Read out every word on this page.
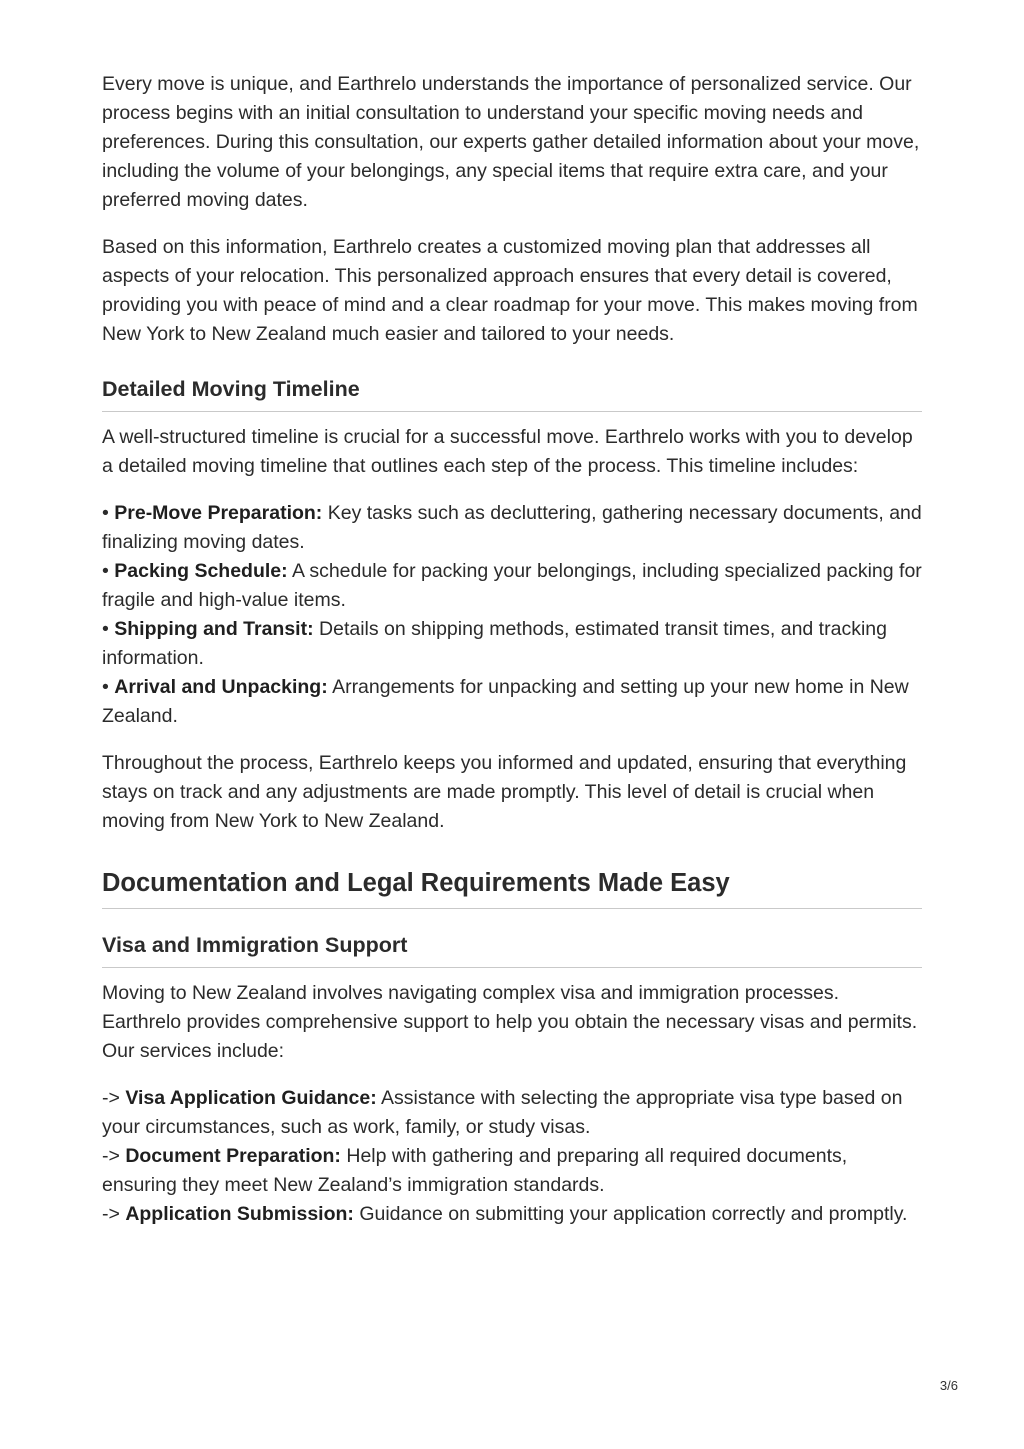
Every move is unique, and Earthrelo understands the importance of personalized service. Our process begins with an initial consultation to understand your specific moving needs and preferences. During this consultation, our experts gather detailed information about your move, including the volume of your belongings, any special items that require extra care, and your preferred moving dates.

Based on this information, Earthrelo creates a customized moving plan that addresses all aspects of your relocation. This personalized approach ensures that every detail is covered, providing you with peace of mind and a clear roadmap for your move. This makes moving from New York to New Zealand much easier and tailored to your needs.

Detailed Moving Timeline

A well-structured timeline is crucial for a successful move. Earthrelo works with you to develop a detailed moving timeline that outlines each step of the process. This timeline includes:

• Pre-Move Preparation: Key tasks such as decluttering, gathering necessary documents, and finalizing moving dates.
• Packing Schedule: A schedule for packing your belongings, including specialized packing for fragile and high-value items.
• Shipping and Transit: Details on shipping methods, estimated transit times, and tracking information.
• Arrival and Unpacking: Arrangements for unpacking and setting up your new home in New Zealand.

Throughout the process, Earthrelo keeps you informed and updated, ensuring that everything stays on track and any adjustments are made promptly. This level of detail is crucial when moving from New York to New Zealand.

Documentation and Legal Requirements Made Easy
Visa and Immigration Support

Moving to New Zealand involves navigating complex visa and immigration processes. Earthrelo provides comprehensive support to help you obtain the necessary visas and permits. Our services include:

-> Visa Application Guidance: Assistance with selecting the appropriate visa type based on your circumstances, such as work, family, or study visas.
-> Document Preparation: Help with gathering and preparing all required documents, ensuring they meet New Zealand’s immigration standards.
-> Application Submission: Guidance on submitting your application correctly and promptly.
3/6
